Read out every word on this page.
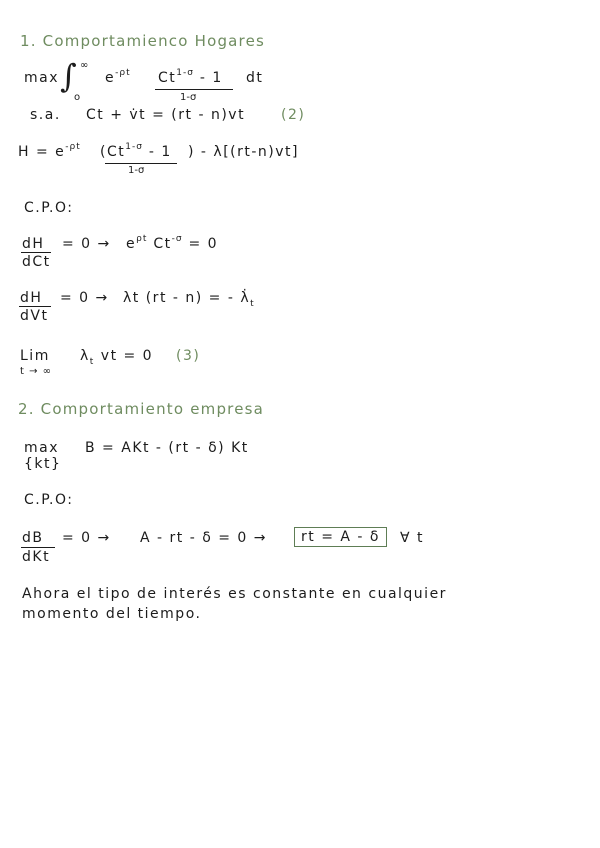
1. Comportamienco Hogares
max ∫ ∞
o
$e^{-\rho t}$ $Ct^{1-\sigma} - 1$
1-σ
dt
s.a. Ct + v̇t = (rt - n)vt	(2)
$H = e^{-\rho t}$ ($Ct^{1-\sigma} - 1$
1-σ
) - λ[(rt-n)vt]
C.P.O:
dH
dCt
= $0 \to e^{\rho t}$ $Ct^{-\sigma} = 0$
dH
dVt
= 0 → λt (rt - n) = - $\lambdȧ_t$
Lim
t → ∞
$\lambda_t$ vt = 0 (3)
2. Comportamiento empresa
max
{kt}
B = AKt - (rt - δ) Kt
C.P.O:
dB
dKt
= 0 → A - rt - δ = 0 →	rt = A - δ	∀ t
Ahora el tipo de interés es constante en cualquier
momento del tiempo.
